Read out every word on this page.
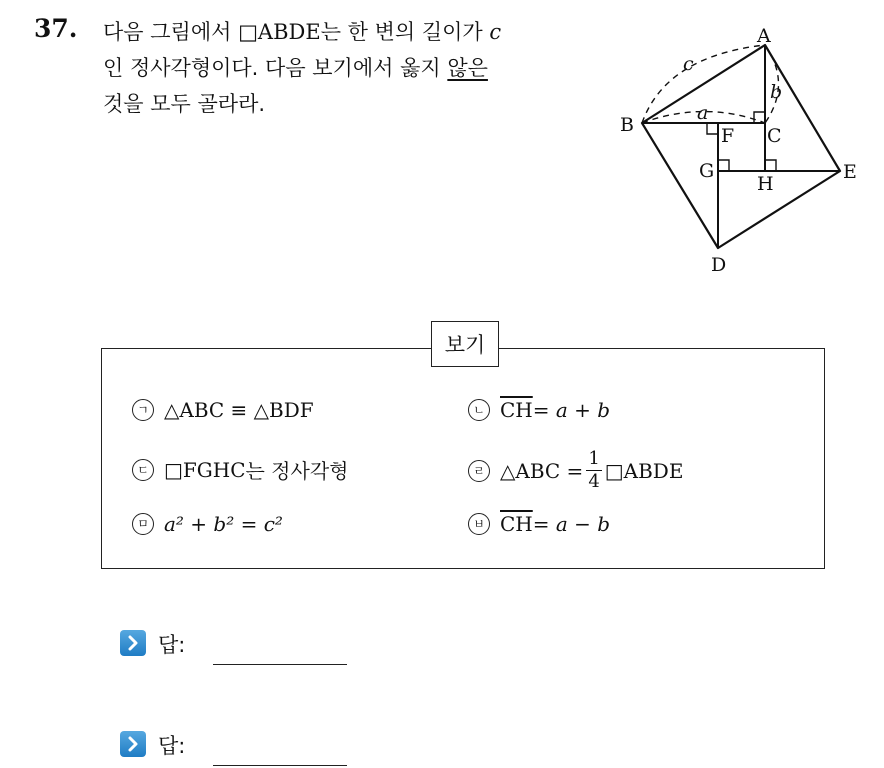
37. 다음 그림에서 □ABDE는 한 변의 길이가 c
인 정사각형이다. 다음 보기에서 옳지 않은
것을 모두 골라라.
A
B	C
D
E
F
G
H
c
a
b
보기
ㄱ △ABC ≡ △BDF	ㄴ $\overline{CH} = a + b$
ㄷ □FGHC 는 정사각형	ㄹ △ABC = $\frac{1}{4}$ □ABDE
ㅁ a² + b² = c²	ㅂ $\overline{CH} = a - b$
답:
답:
